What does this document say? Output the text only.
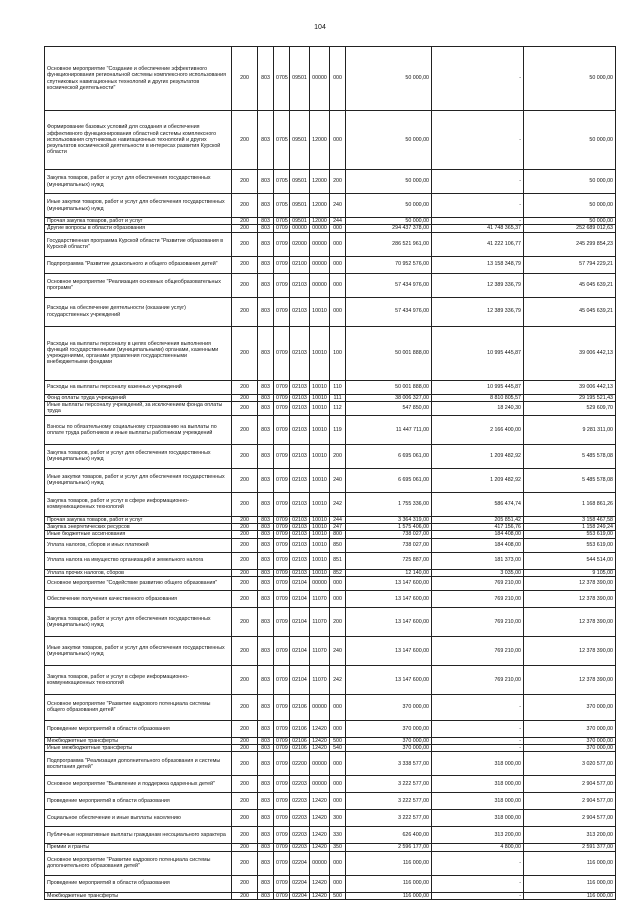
104
Основное мероприятие "Создание и обеспечение эффективного функционирования региональной системы комплексного использования спутниковых навигационных технологий и других результатов космической деятельности"	200	803	0705	09501	00000	000	50 000,00	-	50 000,00
Формирование базовых условий для создания и обеспечения эффективного функционирования областной системы комплексного использования спутниковых навигационных технологий и других результатов космической деятельности в интересах развития Курской области	200	803	0705	09501	12000	000	50 000,00	-	50 000,00
Закупка товаров, работ и услуг для обеспечения государственных (муниципальных) нужд	200	803	0705	09501	12000	200	50 000,00	-	50 000,00
Иные закупки товаров, работ и услуг для обеспечения государственных (муниципальных) нужд	200	803	0705	09501	12000	240	50 000,00	-	50 000,00
Прочая закупка товаров, работ и услуг	200	803	0705	09501	12000	244	50 000,00	-	50 000,00
Другие вопросы в области образования	200	803	0709	00000	00000	000	294 437 378,00	41 748 365,37	252 689 012,63
Государственная программа Курской области "Развитие образования в Курской области"	200	803	0709	02000	00000	000	286 521 961,00	41 222 106,77	245 299 854,23
Подпрограмма "Развитие дошкольного и общего образования детей"	200	803	0709	02100	00000	000	70 952 576,00	13 158 348,79	57 794 229,21
Основное мероприятие "Реализация основных общеобразовательных программ"	200	803	0709	02103	00000	000	57 434 976,00	12 389 336,79	45 045 639,21
Расходы на обеспечение деятельности (оказание услуг) государственных учреждений	200	803	0709	02103	10010	000	57 434 976,00	12 389 336,79	45 045 639,21
Расходы на выплаты персоналу в целях обеспечения выполнения функций государственными (муниципальными) органами, казенными учреждениями, органами управления государственными внебюджетными фондами	200	803	0709	02103	10010	100	50 001 888,00	10 995 445,87	39 006 442,13
Расходы на выплаты персоналу казенных учреждений	200	803	0709	02103	10010	110	50 001 888,00	10 995 445,87	39 006 442,13
Фонд оплаты труда учреждений	200	803	0709	02103	10010	111	38 006 327,00	8 810 805,57	29 195 521,43
Иные выплаты персоналу учреждений, за исключением фонда оплаты труда	200	803	0709	02103	10010	112	547 850,00	18 240,30	529 609,70
Взносы по обязательному социальному страхованию на выплаты по оплате труда работников и иные выплаты работникам учреждений	200	803	0709	02103	10010	119	11 447 711,00	2 166 400,00	9 281 311,00
Закупка товаров, работ и услуг для обеспечения государственных (муниципальных) нужд	200	803	0709	02103	10010	200	6 695 061,00	1 209 482,92	5 485 578,08
Иные закупки товаров, работ и услуг для обеспечения государственных (муниципальных) нужд	200	803	0709	02103	10010	240	6 695 061,00	1 209 482,92	5 485 578,08
Закупка товаров, работ и услуг в сфере информационно-коммуникационных технологий	200	803	0709	02103	10010	242	1 755 336,00	586 474,74	1 168 861,26
Прочая закупка товаров, работ и услуг	200	803	0709	02103	10010	244	3 364 319,00	205 851,42	3 158 467,58
Закупка энергетических ресурсов	200	803	0709	02103	10010	247	1 575 406,00	417 156,76	1 158 249,24
Иные бюджетные ассигнования	200	803	0709	02103	10010	800	738 027,00	184 408,00	553 619,00
Уплата налогов, сборов и иных платежей	200	803	0709	02103	10010	850	738 027,00	184 408,00	553 619,00
Уплата налога на имущество организаций и земельного налога	200	803	0709	02103	10010	851	725 887,00	181 373,00	544 514,00
Уплата прочих налогов, сборов	200	803	0709	02103	10010	852	12 140,00	3 035,00	9 105,00
Основное мероприятие "Содействие развитию общего образования"	200	803	0709	02104	00000	000	13 147 600,00	769 210,00	12 378 390,00
Обеспечение получения качественного образования	200	803	0709	02104	11070	000	13 147 600,00	769 210,00	12 378 390,00
Закупка товаров, работ и услуг для обеспечения государственных (муниципальных) нужд	200	803	0709	02104	11070	200	13 147 600,00	769 210,00	12 378 390,00
Иные закупки товаров, работ и услуг для обеспечения государственных (муниципальных) нужд	200	803	0709	02104	11070	240	13 147 600,00	769 210,00	12 378 390,00
Закупка товаров, работ и услуг в сфере информационно-коммуникационных технологий	200	803	0709	02104	11070	242	13 147 600,00	769 210,00	12 378 390,00
Основное мероприятие "Развитие кадрового потенциала системы общего образования детей"	200	803	0709	02106	00000	000	370 000,00	-	370 000,00
Проведение мероприятий в области образования	200	803	0709	02106	12420	000	370 000,00	-	370 000,00
Межбюджетные трансферты	200	803	0709	02106	12420	500	370 000,00	-	370 000,00
Иные межбюджетные трансферты	200	803	0709	02106	12420	540	370 000,00	-	370 000,00
Подпрограмма "Реализация дополнительного образования и системы воспитания детей"	200	803	0709	02200	00000	000	3 338 577,00	318 000,00	3 020 577,00
Основное мероприятие "Выявление и поддержка одаренных детей"	200	803	0709	02203	00000	000	3 222 577,00	318 000,00	2 904 577,00
Проведение мероприятий в области образования	200	803	0709	02203	12420	000	3 222 577,00	318 000,00	2 904 577,00
Социальное обеспечение и иные выплаты населению	200	803	0709	02203	12420	300	3 222 577,00	318 000,00	2 904 577,00
Публичные нормативные выплаты гражданам несоциального характера	200	803	0709	02203	12420	330	626 400,00	313 200,00	313 200,00
Премии и гранты	200	803	0709	02203	12420	350	2 596 177,00	4 800,00	2 591 377,00
Основное мероприятие "Развитие кадрового потенциала системы дополнительного образования детей"	200	803	0709	02204	00000	000	116 000,00	-	116 000,00
Проведение мероприятий в области образования	200	803	0709	02204	12420	000	116 000,00	-	116 000,00
Межбюджетные трансферты	200	803	0709	02204	12420	500	116 000,00	-	116 000,00
